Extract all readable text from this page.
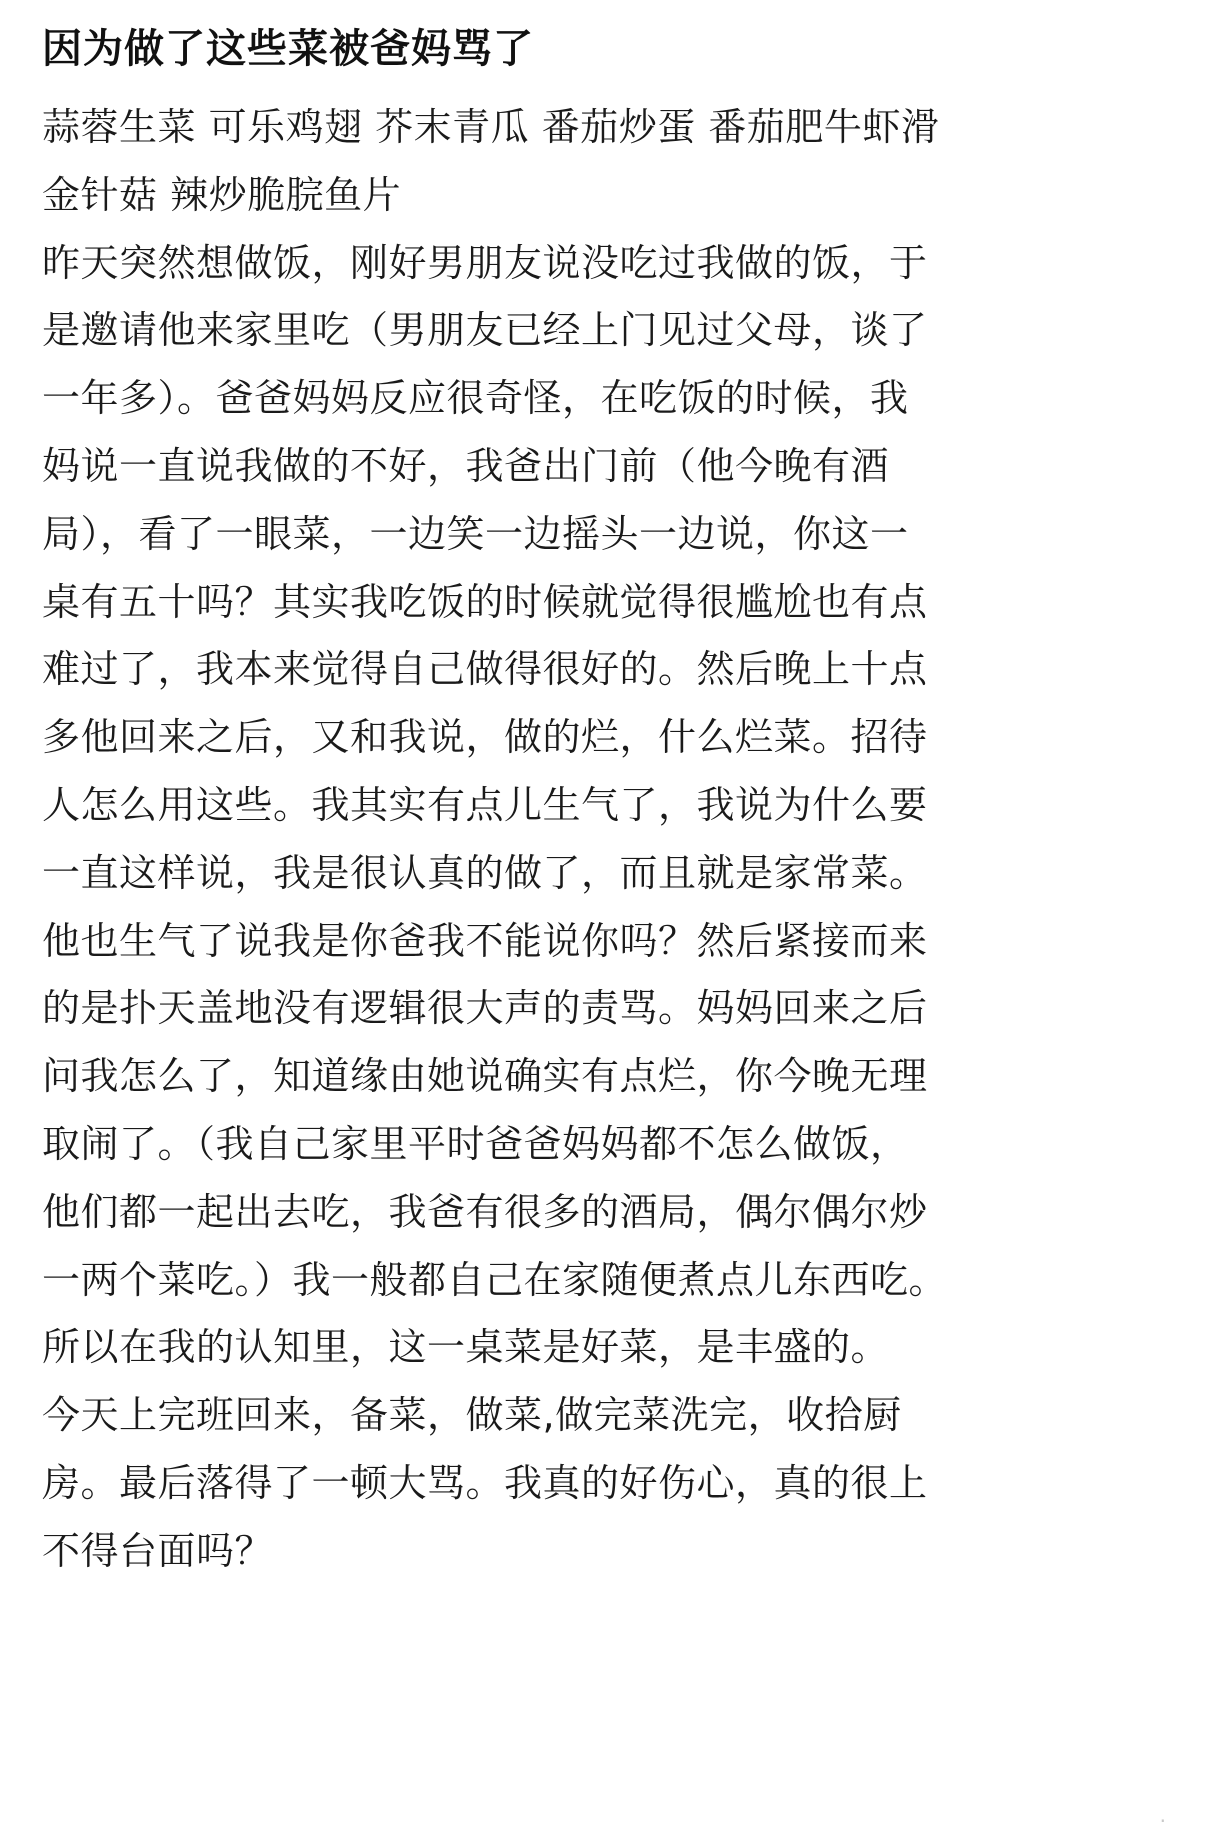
因为做了这些菜被爸妈骂了

蒜蓉生菜 可乐鸡翅 芥末青瓜 番茄炒蛋 番茄肥牛虾滑

金针菇 辣炒脆脘鱼片

昨天突然想做饭，刚好男朋友说没吃过我做的饭，于

是邀请他来家里吃（男朋友已经上门见过父母，谈了

一年多）。爸爸妈妈反应很奇怪，在吃饭的时候，我

妈说一直说我做的不好，我爸出门前（他今晚有酒

局），看了一眼菜，一边笑一边摇头一边说，你这一

桌有五十吗？其实我吃饭的时候就觉得很尴尬也有点

难过了，我本来觉得自己做得很好的。然后晚上十点

多他回来之后，又和我说，做的烂，什么烂菜。招待

人怎么用这些。我其实有点儿生气了，我说为什么要

一直这样说，我是很认真的做了，而且就是家常菜。

他也生气了说我是你爸我不能说你吗？然后紧接而来

的是扑天盖地没有逻辑很大声的责骂。妈妈回来之后

问我怎么了，知道缘由她说确实有点烂，你今晚无理

取闹了。（我自己家里平时爸爸妈妈都不怎么做饭，

他们都一起出去吃，我爸有很多的酒局，偶尔偶尔炒

一两个菜吃。）我一般都自己在家随便煮点儿东西吃。

所以在我的认知里，这一桌菜是好菜，是丰盛的。

今天上完班回来，备菜，做菜,做完菜洗完，收拾厨

房。最后落得了一顿大骂。我真的好伤心，真的很上

不得台面吗？

·
